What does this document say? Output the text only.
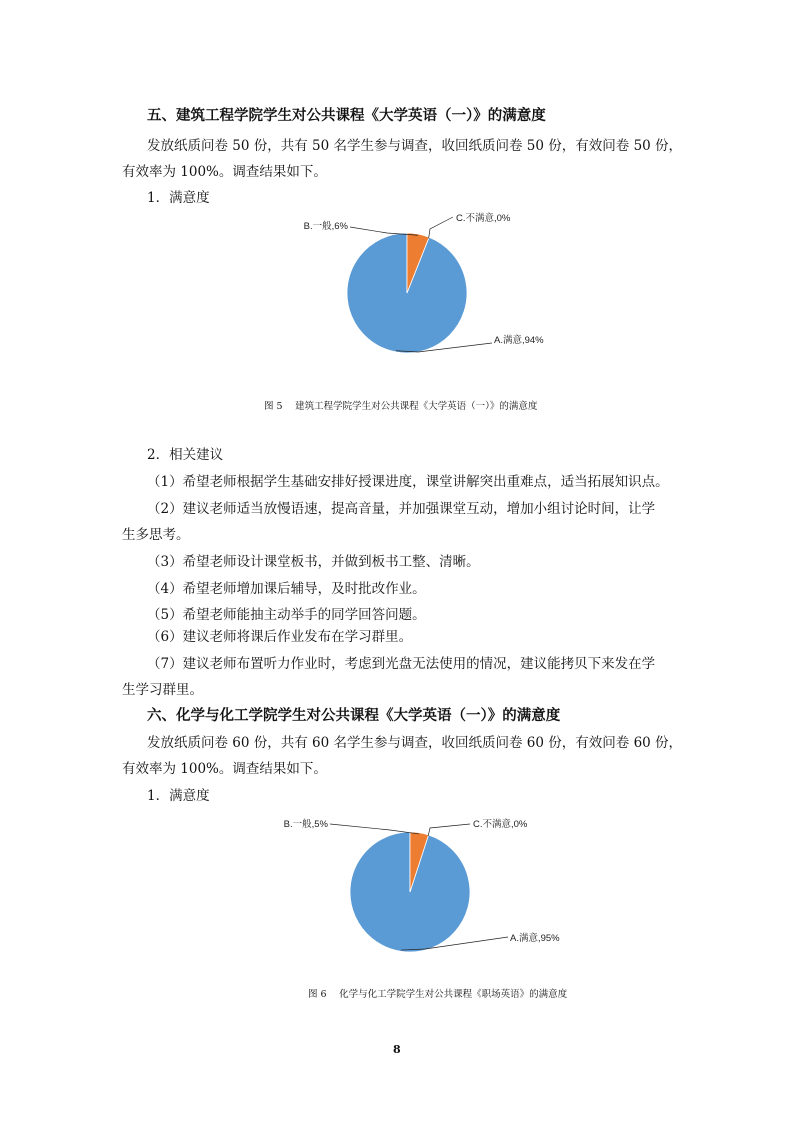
五、建筑工程学院学生对公共课程《大学英语（一）》的满意度
发放纸质问卷 50 份，共有 50 名学生参与调查，收回纸质问卷 50 份，有效问卷 50 份，
有效率为 100%。调查结果如下。
1．满意度
A.满意,94%
B.一般,6%
C.不满意,0%
图 5　 建筑工程学院学生对公共课程《大学英语（一）》的满意度
2．相关建议
（1）希望老师根据学生基础安排好授课进度，课堂讲解突出重难点，适当拓展知识点。
（2）建议老师适当放慢语速，提高音量，并加强课堂互动，增加小组讨论时间，让学
生多思考。
（3）希望老师设计课堂板书，并做到板书工整、清晰。
（4）希望老师增加课后辅导，及时批改作业。
（5）希望老师能抽主动举手的同学回答问题。
（6）建议老师将课后作业发布在学习群里。
（7）建议老师布置听力作业时，考虑到光盘无法使用的情况，建议能拷贝下来发在学
生学习群里。
六、化学与化工学院学生对公共课程《大学英语（一）》的满意度
发放纸质问卷 60 份，共有 60 名学生参与调查，收回纸质问卷 60 份，有效问卷 60 份，
有效率为 100%。调查结果如下。
1．满意度
A.满意,95%
B.一般,5%	C.不满意,0%
图 6　 化学与化工学院学生对公共课程《职场英语》的满意度
8
